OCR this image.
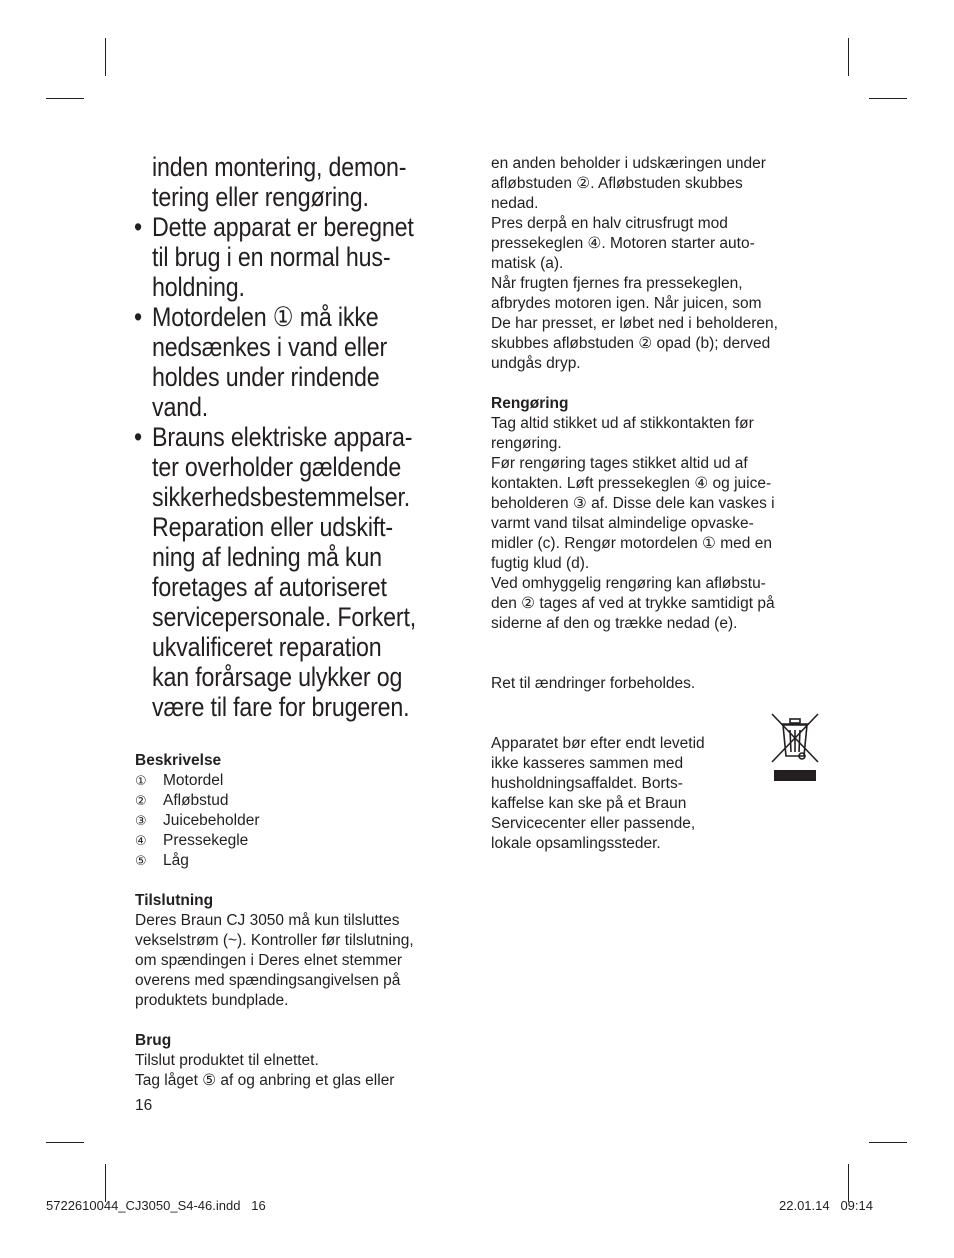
inden montering, demon-tering eller rengøring.
• Dette apparat er beregnet
til brug i en normal hus-
holdning.
• Motordelen ① må ikke
nedsænkes i vand eller
holdes under rindende
vand.
• Brauns elektriske appara-
ter overholder gældende
sikkerhedsbestemmelser.
Reparation eller udskift-
ning af ledning må kun
foretages af autoriseret
servicepersonale. Forkert,
ukvalificeret reparation
kan forårsage ulykker og
være til fare for brugeren.
Beskrivelse
①	Motordel
②	Afløbstud
③	Juicebeholder
④	Pressekegle
⑤	Låg
Tilslutning
Deres Braun CJ 3050 må kun tilsluttes
vekselstrøm (~). Kontroller før tilslutning,
om spændingen i Deres elnet stemmer
overens med spændingsangivelsen på
produktets bundplade.
Brug
Tilslut produktet til elnettet.
Tag låget ⑤ af og anbring et glas eller
16
en anden beholder i udskæringen under
afløbstuden ②. Afløbstuden skubbes
nedad.
Pres derpå en halv citrusfrugt mod
pressekeglen ④. Motoren starter auto-
matisk (a).
Når frugten fjernes fra pressekeglen,
afbrydes motoren igen. Når juicen, som
De har presset, er løbet ned i beholderen,
skubbes afløbstuden ② opad (b); derved
undgås dryp.
Rengøring
Tag altid stikket ud af stikkontakten før
rengøring.
Før rengøring tages stikket altid ud af
kontakten. Løft pressekeglen ④ og juice-
beholderen ③ af. Disse dele kan vaskes i
varmt vand tilsat almindelige opvaske-
midler (c). Rengør motordelen ① med en
fugtig klud (d).
Ved omhyggelig rengøring kan afløbstu-
den ② tages af ved at trykke samtidigt på
siderne af den og trække nedad (e).
Ret til ændringer forbeholdes.
Apparatet bør efter endt levetid
ikke kasseres sammen med
husholdningsaffaldet. Borts-
kaffelse kan ske på et Braun
Servicecenter eller passende,
lokale opsamlingssteder.
5722610044_CJ3050_S4-46.indd   16	22.01.14   09:14
